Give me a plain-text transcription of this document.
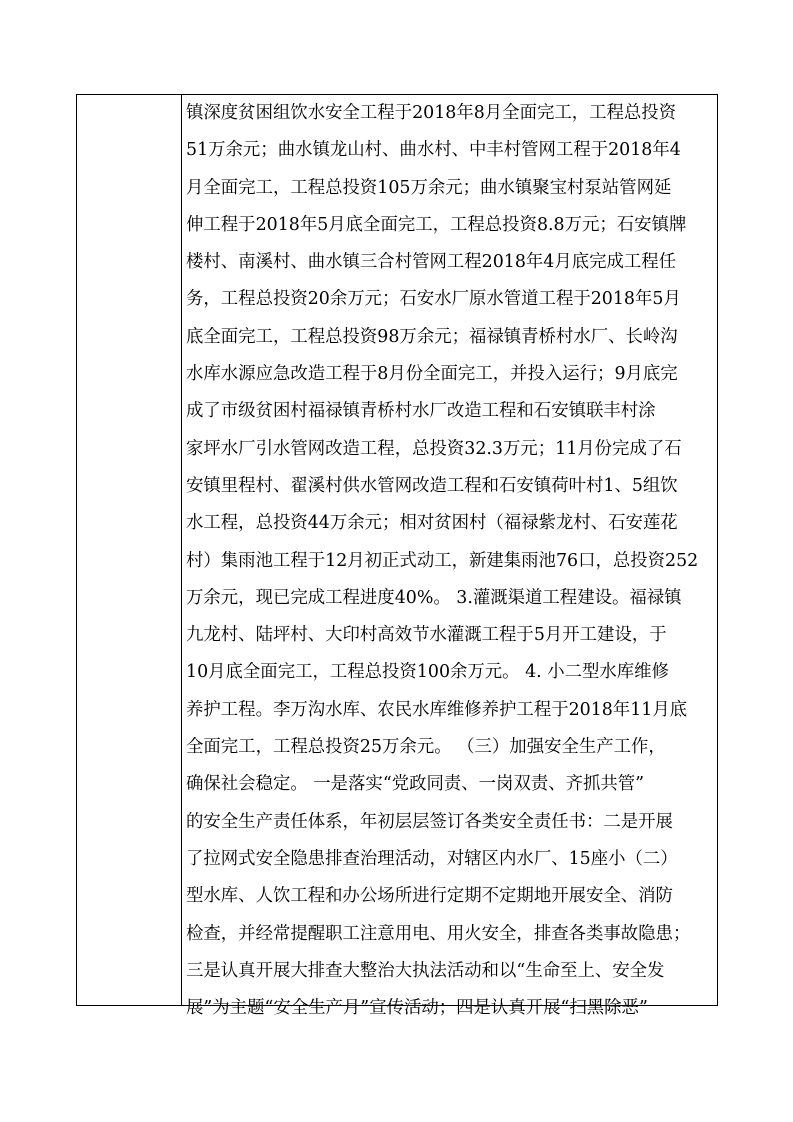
镇深度贫困组饮水安全工程于2018年8月全面完工，工程总投资
51万余元；曲水镇龙山村、曲水村、中丰村管网工程于2018年4
月全面完工，工程总投资105万余元；曲水镇聚宝村泵站管网延
伸工程于2018年5月底全面完工，工程总投资8.8万元；石安镇牌
楼村、南溪村、曲水镇三合村管网工程2018年4月底完成工程任
务，工程总投资20余万元；石安水厂原水管道工程于2018年5月
底全面完工，工程总投资98万余元；福禄镇青桥村水厂、长岭沟
水库水源应急改造工程于8月份全面完工，并投入运行；9月底完
成了市级贫困村福禄镇青桥村水厂改造工程和石安镇联丰村涂
家坪水厂引水管网改造工程，总投资32.3万元；11月份完成了石
安镇里程村、翟溪村供水管网改造工程和石安镇荷叶村1、5组饮
水工程，总投资44万余元；相对贫困村（福禄紫龙村、石安莲花
村）集雨池工程于12月初正式动工，新建集雨池76口，总投资252
万余元，现已完成工程进度40%。 3.灌溉渠道工程建设。福禄镇
九龙村、陆坪村、大印村高效节水灌溉工程于5月开工建设，于
10月底全面完工，工程总投资100余万元。 4. 小二型水库维修
养护工程。李万沟水库、农民水库维修养护工程于2018年11月底
全面完工，工程总投资25万余元。 （三）加强安全生产工作，
确保社会稳定。 一是落实“党政同责、一岗双责、齐抓共管”
的安全生产责任体系，年初层层签订各类安全责任书：二是开展
了拉网式安全隐患排查治理活动，对辖区内水厂、15座小（二）
型水库、人饮工程和办公场所进行定期不定期地开展安全、消防
检查，并经常提醒职工注意用电、用火安全，排查各类事故隐患；
三是认真开展大排查大整治大执法活动和以“生命至上、安全发
展”为主题“安全生产月”宣传活动；四是认真开展“扫黑除恶”
